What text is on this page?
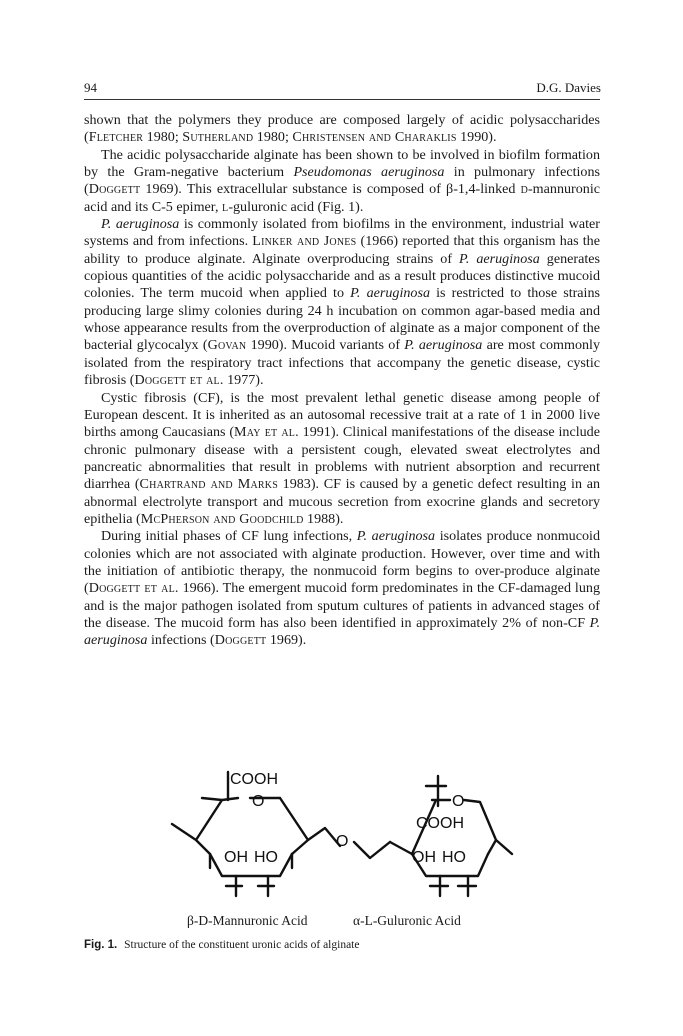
94	D.G. Davies

shown that the polymers they produce are composed largely of acidic polysaccharides (Fletcher 1980; Sutherland 1980; Christensen and Charaklis 1990).

The acidic polysaccharide alginate has been shown to be involved in biofilm formation by the Gram-negative bacterium Pseudomonas aeruginosa in pulmonary infections (Doggett 1969). This extracellular substance is composed of β-1,4-linked d-mannuronic acid and its C-5 epimer, l-guluronic acid (Fig. 1).

P. aeruginosa is commonly isolated from biofilms in the environment, industrial water systems and from infections. Linker and Jones (1966) reported that this organism has the ability to produce alginate. Alginate overproducing strains of P. aeruginosa generates copious quantities of the acidic polysaccharide and as a result produces distinctive mucoid colonies. The term mucoid when applied to P. aeruginosa is restricted to those strains producing large slimy colonies during 24 h incubation on common agar-based media and whose appearance results from the overproduction of alginate as a major component of the bacterial glycocalyx (Govan 1990). Mucoid variants of P. aeruginosa are most commonly isolated from the respiratory tract infections that accompany the genetic disease, cystic fibrosis (Doggett et al. 1977).

Cystic fibrosis (CF), is the most prevalent lethal genetic disease among people of European descent. It is inherited as an autosomal recessive trait at a rate of 1 in 2000 live births among Caucasians (May et al. 1991). Clinical manifestations of the disease include chronic pulmonary disease with a persistent cough, elevated sweat electrolytes and pancreatic abnormalities that result in problems with nutrient absorption and recurrent diarrhea (Chartrand and Marks 1983). CF is caused by a genetic defect resulting in an abnormal electrolyte transport and mucous secretion from exocrine glands and secretory epithelia (McPherson and Goodchild 1988).

During initial phases of CF lung infections, P. aeruginosa isolates produce nonmucoid colonies which are not associated with alginate production. However, over time and with the initiation of antibiotic therapy, the nonmucoid form begins to over-produce alginate (Doggett et al. 1966). The emergent mucoid form predominates in the CF-damaged lung and is the major pathogen isolated from sputum cultures of patients in advanced stages of the disease. The mucoid form has also been identified in approximately 2% of non-CF P. aeruginosa infections (Doggett 1969).

COOH
O
OH HO
O
O
COOH
OH HO
β-D-Mannuronic Acid	α-L-Guluronic Acid
Fig. 1. Structure of the constituent uronic acids of alginate
